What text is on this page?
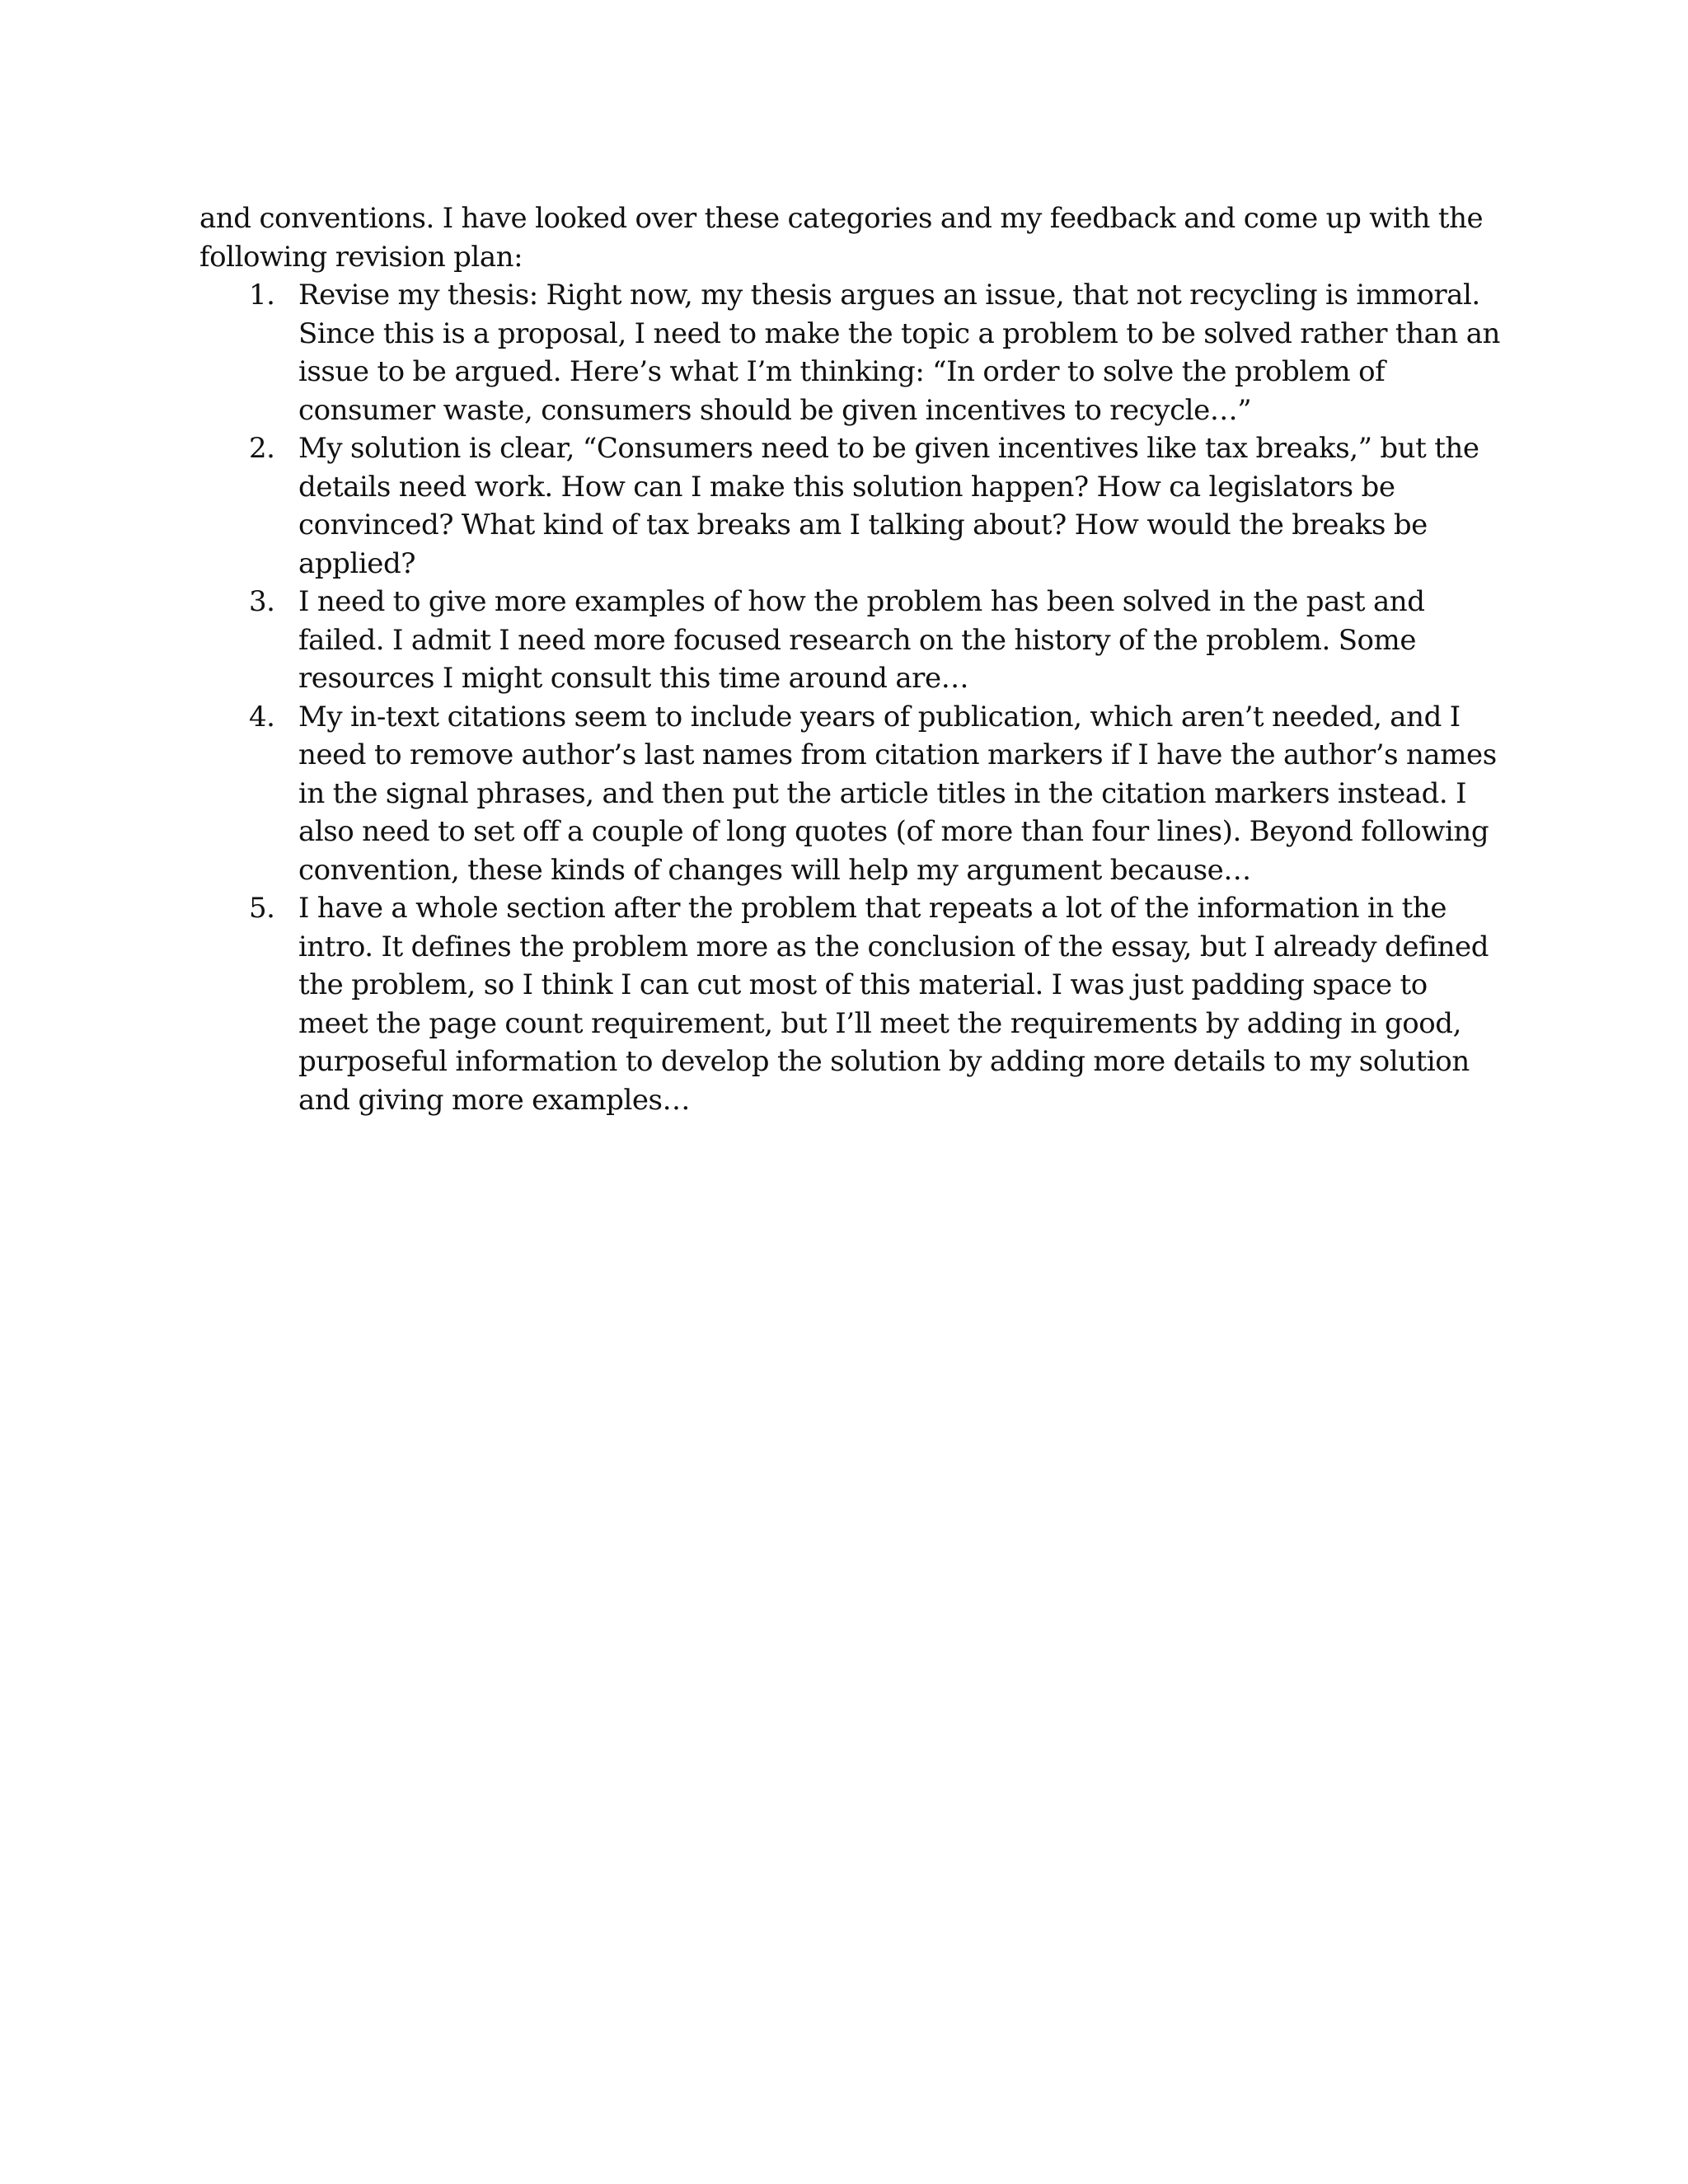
and conventions. I have looked over these categories and my feedback and come up with the following revision plan:

1. Revise my thesis: Right now, my thesis argues an issue, that not recycling is immoral. Since this is a proposal, I need to make the topic a problem to be solved rather than an issue to be argued. Here’s what I’m thinking: “In order to solve the problem of consumer waste, consumers should be given incentives to recycle…”
2. My solution is clear, “Consumers need to be given incentives like tax breaks,” but the details need work. How can I make this solution happen? How ca legislators be convinced? What kind of tax breaks am I talking about? How would the breaks be applied?
3. I need to give more examples of how the problem has been solved in the past and failed. I admit I need more focused research on the history of the problem. Some resources I might consult this time around are…
4. My in-text citations seem to include years of publication, which aren’t needed, and I need to remove author’s last names from citation markers if I have the author’s names in the signal phrases, and then put the article titles in the citation markers instead. I also need to set off a couple of long quotes (of more than four lines). Beyond following convention, these kinds of changes will help my argument because…
5. I have a whole section after the problem that repeats a lot of the information in the intro. It defines the problem more as the conclusion of the essay, but I already defined the problem, so I think I can cut most of this material. I was just padding space to meet the page count requirement, but I’ll meet the requirements by adding in good, purposeful information to develop the solution by adding more details to my solution and giving more examples…
